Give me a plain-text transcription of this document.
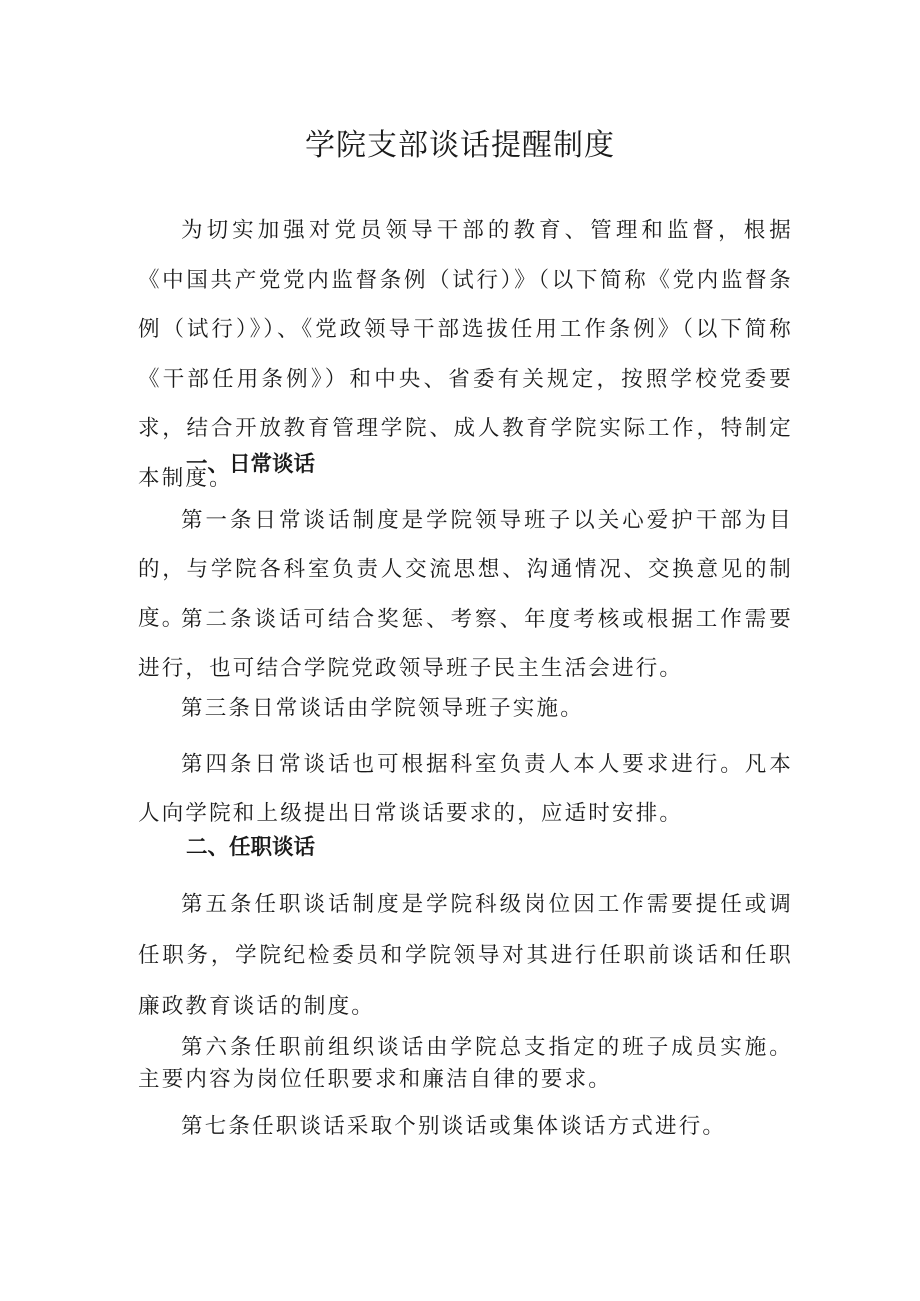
学院支部谈话提醒制度

为切实加强对党员领导干部的教育、管理和监督，根据《中国共产党党内监督条例（试行）》（以下简称《党内监督条例（试行）》）、《党政领导干部选拔任用工作条例》（以下简称《干部任用条例》）和中央、省委有关规定，按照学校党委要求，结合开放教育管理学院、成人教育学院实际工作，特制定本制度。

一、日常谈话

第一条日常谈话制度是学院领导班子以关心爱护干部为目的，与学院各科室负责人交流思想、沟通情况、交换意见的制度。

第二条谈话可结合奖惩、考察、年度考核或根据工作需要进行，也可结合学院党政领导班子民主生活会进行。

第三条日常谈话由学院领导班子实施。

第四条日常谈话也可根据科室负责人本人要求进行。凡本人向学院和上级提出日常谈话要求的，应适时安排。

二、任职谈话

第五条任职谈话制度是学院科级岗位因工作需要提任或调任职务，学院纪检委员和学院领导对其进行任职前谈话和任职廉政教育谈话的制度。

第六条任职前组织谈话由学院总支指定的班子成员实施。主要内容为岗位任职要求和廉洁自律的要求。

第七条任职谈话采取个别谈话或集体谈话方式进行。
